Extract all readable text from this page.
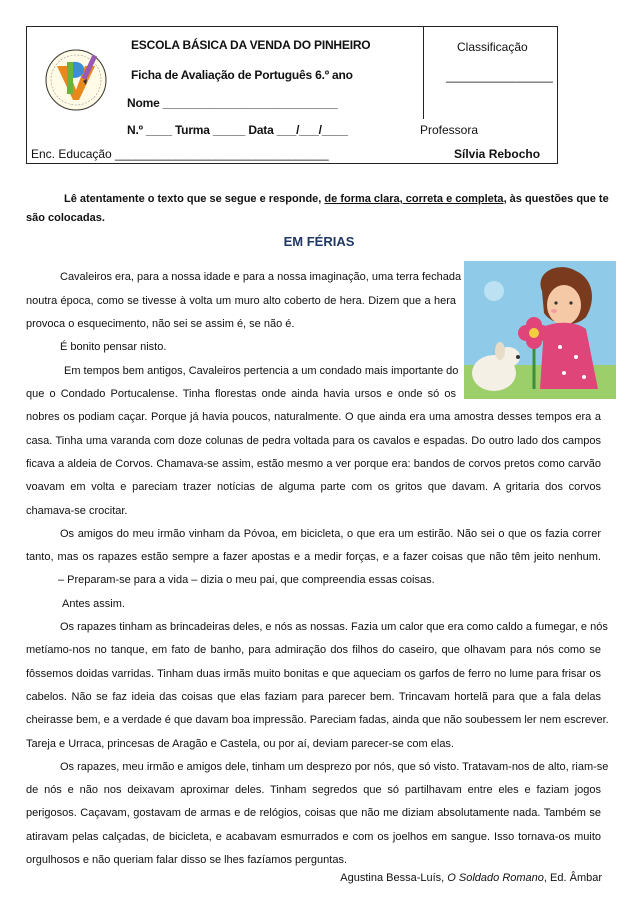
ESCOLA BÁSICA DA VENDA DO PINHEIRO
Ficha de Avaliação de Português 6.º ano
Nome ___________________________
N.º ____ Turma _____ Data ___/___/____
Classificação
________________
Professora
Sílvia Rebocho
Enc. Educação ________________________________
Lê atentamente o texto que se segue e responde, de forma clara, correta e completa, às questões que te são colocadas.
EM FÉRIAS
Cavaleiros era, para a nossa idade e para a nossa imaginação, uma terra fechada
noutra época, como se tivesse à volta um muro alto coberto de hera. Dizem que a hera
provoca o esquecimento, não sei se assim é, se não é.
É bonito pensar nisto.
Em tempos bem antigos, Cavaleiros pertencia a um condado mais importante do
que o Condado Portucalense. Tinha florestas onde ainda havia ursos e onde só os
nobres os podiam caçar. Porque já havia poucos, naturalmente. O que ainda era uma amostra desses tempos era a
casa. Tinha uma varanda com doze colunas de pedra voltada para os cavalos e espadas. Do outro lado dos campos
ficava a aldeia de Corvos. Chamava-se assim, estão mesmo a ver porque era: bandos de corvos pretos como carvão
voavam em volta e pareciam trazer notícias de alguma parte com os gritos que davam. A gritaria dos corvos
chamava-se crocitar.
Os amigos do meu irmão vinham da Póvoa, em bicicleta, o que era um estirão. Não sei o que os fazia correr
tanto, mas os rapazes estão sempre a fazer apostas e a medir forças, e a fazer coisas que não têm jeito nenhum.
– Preparam-se para a vida – dizia o meu pai, que compreendia essas coisas.
Antes assim.
Os rapazes tinham as brincadeiras deles, e nós as nossas. Fazia um calor que era como caldo a fumegar, e nós
metíamo-nos no tanque, em fato de banho, para admiração dos filhos do caseiro, que olhavam para nós como se
fôssemos doidas varridas. Tinham duas irmãs muito bonitas e que aqueciam os garfos de ferro no lume para frisar os
cabelos. Não se faz ideia das coisas que elas faziam para parecer bem. Trincavam hortelã para que a fala delas
cheirasse bem, e a verdade é que davam boa impressão. Pareciam fadas, ainda que não soubessem ler nem escrever.
Tareja e Urraca, princesas de Aragão e Castela, ou por aí, deviam parecer-se com elas.
Os rapazes, meu irmão e amigos dele, tinham um desprezo por nós, que só visto. Tratavam-nos de alto, riam-se
de nós e não nos deixavam aproximar deles. Tinham segredos que só partilhavam entre eles e faziam jogos
perigosos. Caçavam, gostavam de armas e de relógios, coisas que não me diziam absolutamente nada. Também se
atiravam pelas calçadas, de bicicleta, e acabavam esmurrados e com os joelhos em sangue. Isso tornava-os muito
orgulhosos e não queriam falar disso se lhes fazíamos perguntas.
Agustina Bessa-Luís, O Soldado Romano, Ed. Âmbar
